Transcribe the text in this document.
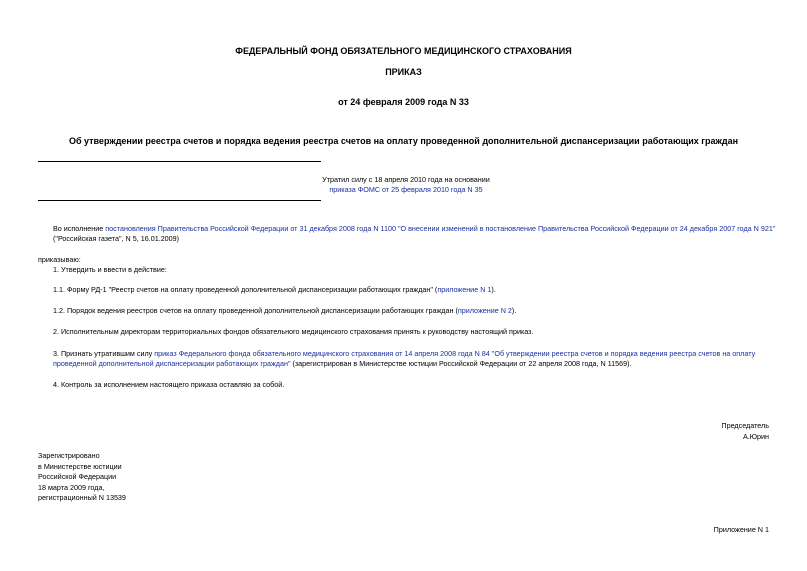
ФЕДЕРАЛЬНЫЙ ФОНД ОБЯЗАТЕЛЬНОГО МЕДИЦИНСКОГО СТРАХОВАНИЯ
ПРИКАЗ
от 24 февраля 2009 года N 33
Об утверждении реестра счетов и порядка ведения реестра счетов на оплату проведенной дополнительной диспансеризации работающих граждан
Утратил силу с 18 апреля 2010 года на основании
приказа ФОМС от 25 февраля 2010 года N 35
Во исполнение постановления Правительства Российской Федерации от 31 декабря 2008 года N 1100 "О внесении изменений в постановление Правительства Российской Федерации от 24 декабря 2007 года N 921" ("Российская газета", N 5, 16.01.2009)
приказываю:
1. Утвердить и ввести в действие:
1.1. Форму РД-1 "Реестр счетов на оплату проведенной дополнительной диспансеризации работающих граждан" (приложение N 1).
1.2. Порядок ведения реестров счетов на оплату проведенной дополнительной диспансеризации работающих граждан (приложение N 2).
2. Исполнительным директорам территориальных фондов обязательного медицинского страхования принять к руководству настоящий приказ.
3. Признать утратившим силу приказ Федерального фонда обязательного медицинского страхования от 14 апреля 2008 года N 84 "Об утверждении реестра счетов и порядка ведения реестра счетов на оплату проведенной дополнительной диспансеризации работающих граждан" (зарегистрирован в Министерстве юстиции Российской Федерации от 22 апреля 2008 года, N 11569).
4. Контроль за исполнением настоящего приказа оставляю за собой.
Председатель
А.Юрин
Зарегистрировано
в Министерстве юстиции
Российской Федерации
18 марта 2009 года,
регистрационный N 13539
Приложение N 1
